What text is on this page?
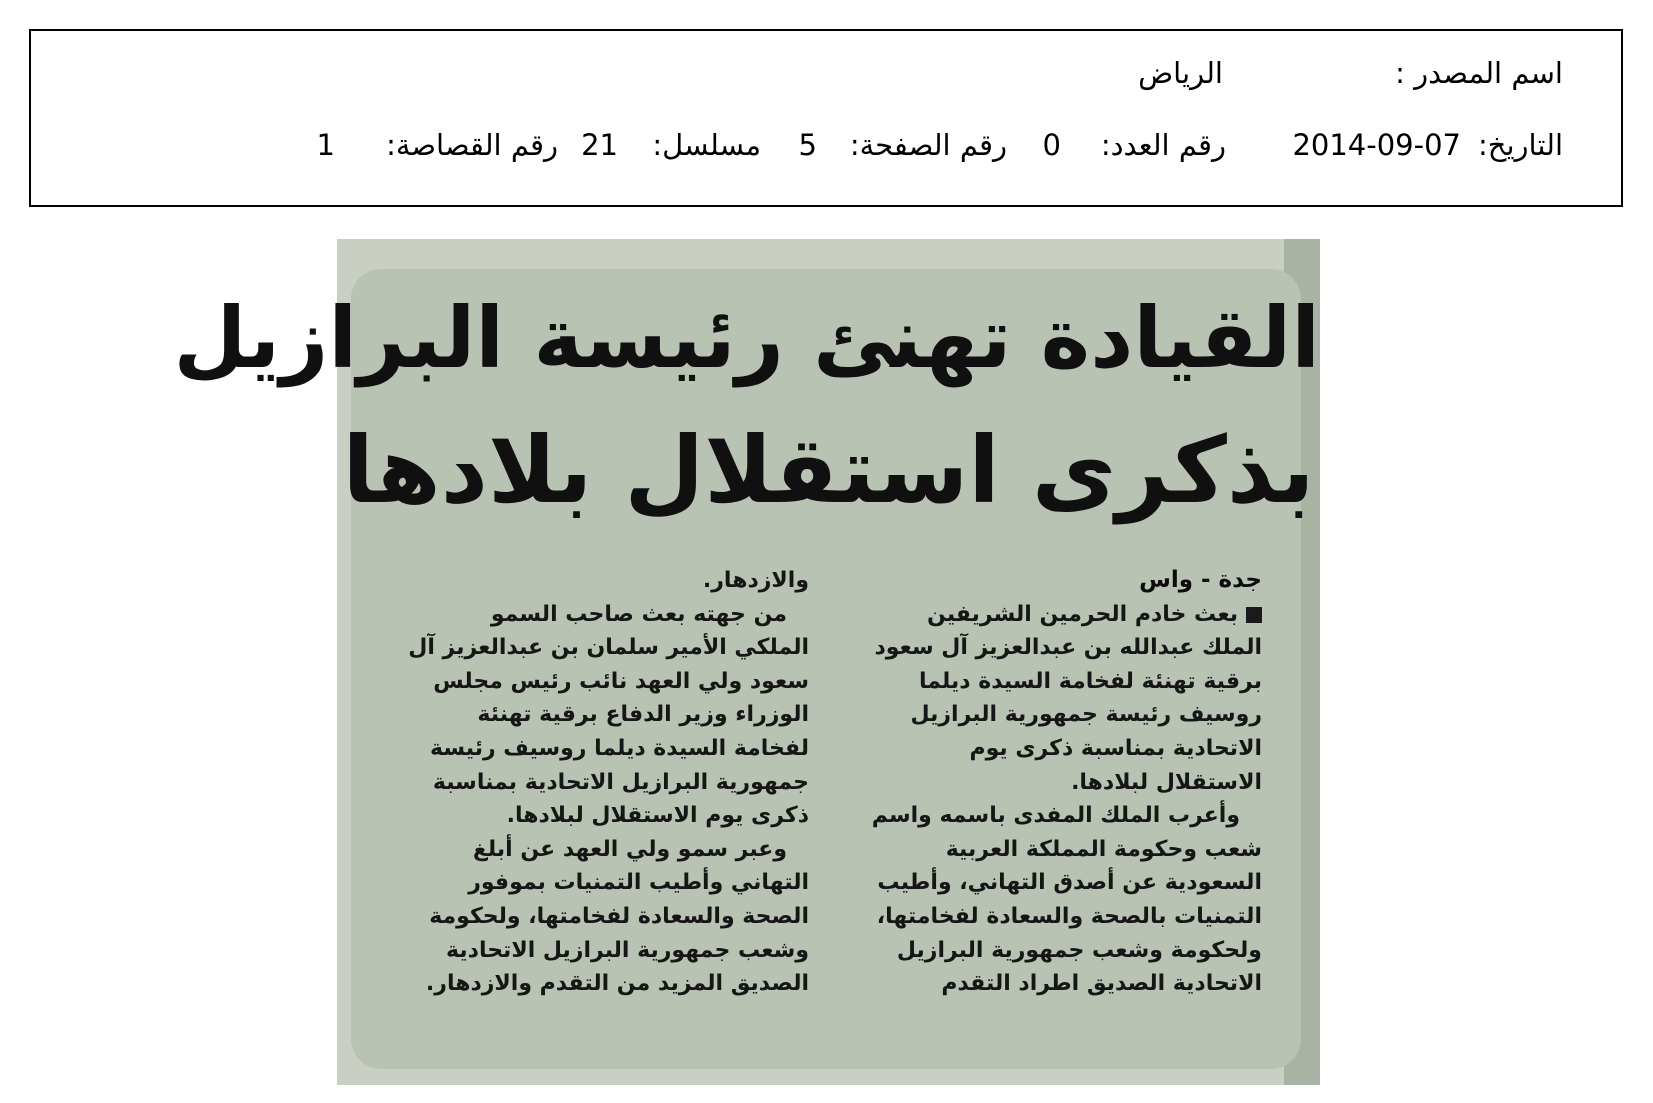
اسم المصدر :
الرياض
التاريخ:
2014-09-07
رقم العدد:
0
رقم الصفحة:
5
مسلسل:
21
رقم القصاصة:
1
القيادة تهنئ رئيسة البرازيل
بذكرى استقلال بلادها
جدة - واس
بعث خادم الحرمين الشريفين
الملك عبدالله بن عبدالعزيز آل سعود
برقية تهنئة لفخامة السيدة ديلما
روسيف رئيسة جمهورية البرازيل
الاتحادية بمناسبة ذكرى يوم
الاستقلال لبلادها.
وأعرب الملك المفدى باسمه واسم
شعب وحكومة المملكة العربية
السعودية عن أصدق التهاني، وأطيب
التمنيات بالصحة والسعادة لفخامتها،
ولحكومة وشعب جمهورية البرازيل
الاتحادية الصديق اطراد التقدم
والازدهار.
من جهته بعث صاحب السمو
الملكي الأمير سلمان بن عبدالعزيز آل
سعود ولي العهد نائب رئيس مجلس
الوزراء وزير الدفاع برقية تهنئة
لفخامة السيدة ديلما روسيف رئيسة
جمهورية البرازيل الاتحادية بمناسبة
ذكرى يوم الاستقلال لبلادها.
وعبر سمو ولي العهد عن أبلغ
التهاني وأطيب التمنيات بموفور
الصحة والسعادة لفخامتها، ولحكومة
وشعب جمهورية البرازيل الاتحادية
الصديق المزيد من التقدم والازدهار.
